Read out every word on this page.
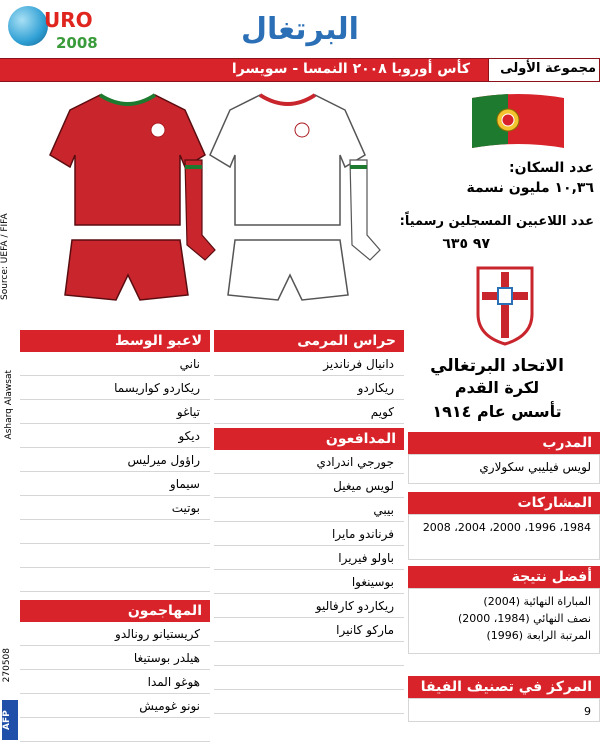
URO
2008	البرتغال
مجموعة الأولى
كأس أوروبا ٢٠٠٨ النمسا - سويسرا
Source: UEFA / FIFA
Asharq Alawsat
270508
AFP
عدد السكان:
١٠,٣٦ مليون نسمة
عدد اللاعبين المسجلين رسمياً:
٩٧ ٦٣٥
الاتحاد البرتغالي
لكرة القدم
تأسس عام ١٩١٤
المدرب
لويس فيليبي سكولاري
المشاركات
1984، 1996، 2000، 2004، 2008
أفضل نتيجة
المباراة النهائية (2004)
نصف النهائي (1984، 2000)
المرتبة الرابعة (1996)
المركز في تصنيف الفيفا
9
حراس المرمى
دانيال فرنانديز
ريكاردو
كويم
المدافعون
جورجي اندرادي
لويس ميغيل
بيبي
فرناندو مايرا
باولو فيريرا
بوسينغوا
ريكاردو كارفاليو
ماركو كانيرا
لاعبو الوسط
ناني
ريكاردو كواريسما
تياغو
ديكو
راؤول ميرليس
سيماو
بوتيت
المهاجمون
كريستيانو رونالدو
هيلدر بوستيغا
هوغو المدا
نونو غوميش
